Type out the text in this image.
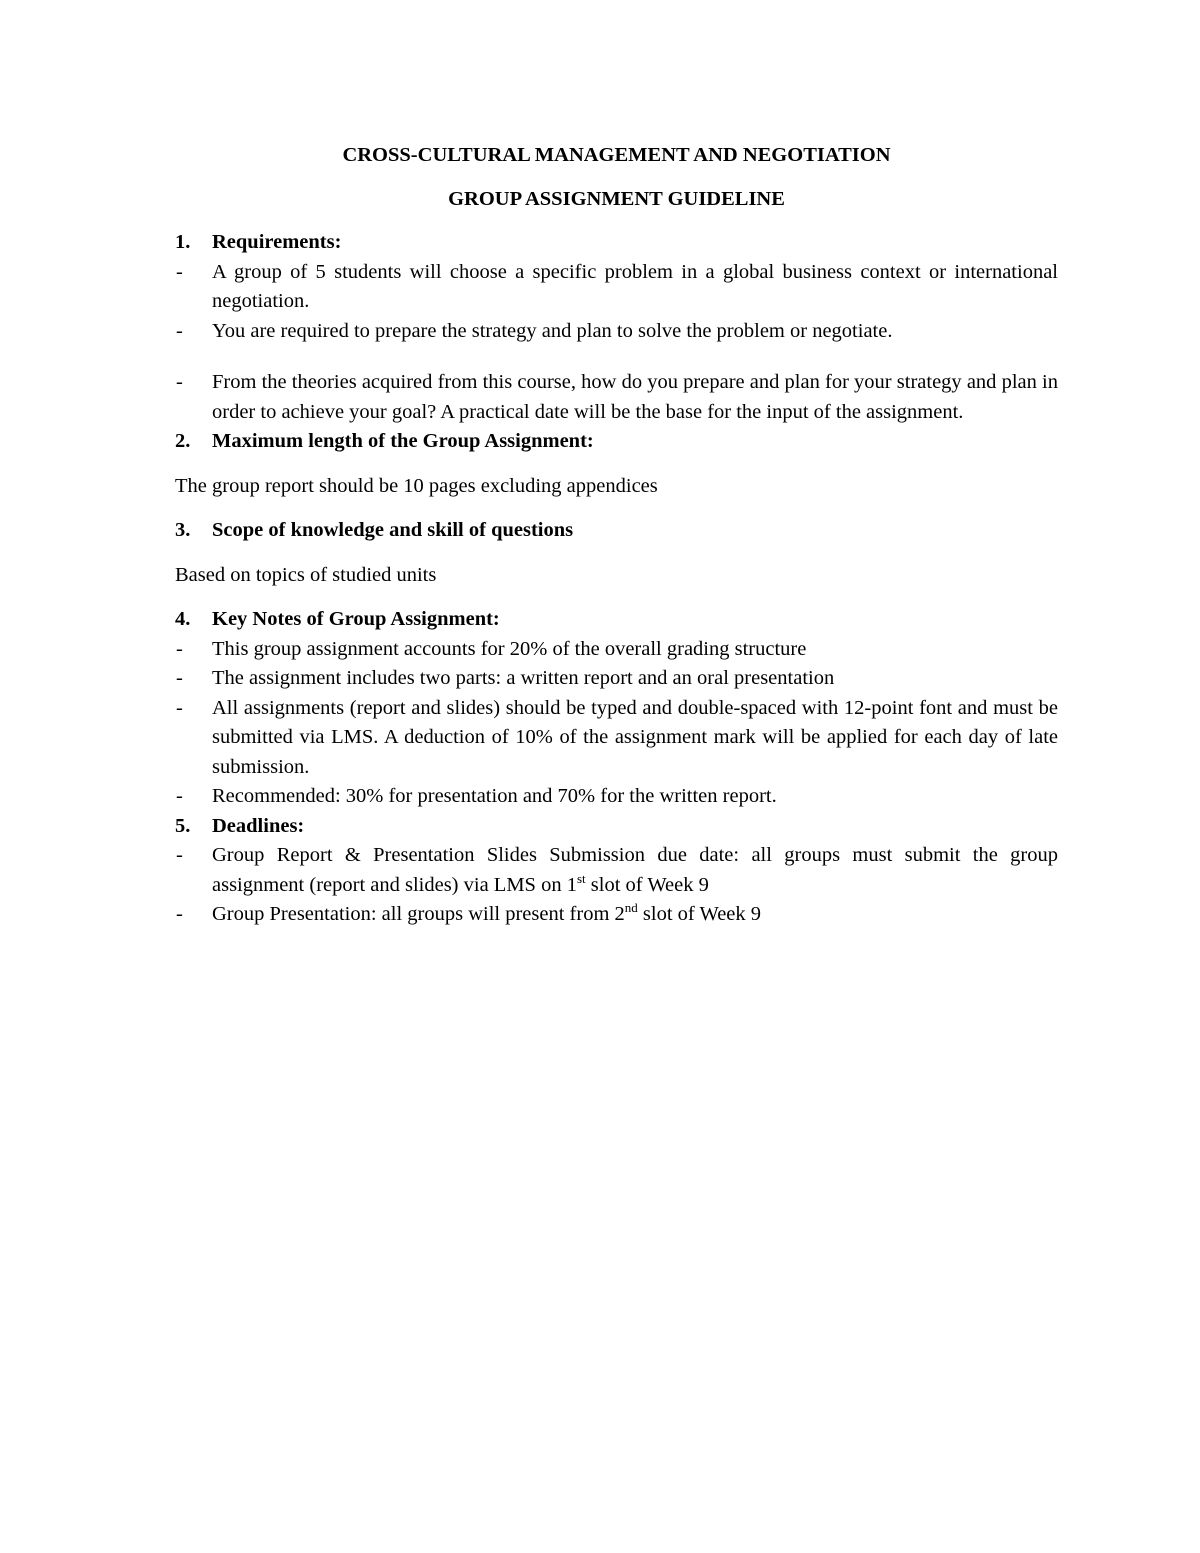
CROSS-CULTURAL MANAGEMENT AND NEGOTIATION

GROUP ASSIGNMENT GUIDELINE

1. Requirements:

- A group of 5 students will choose a specific problem in a global business context or international negotiation.

- You are required to prepare the strategy and plan to solve the problem or negotiate.

- From the theories acquired from this course, how do you prepare and plan for your strategy and plan in order to achieve your goal? A practical date will be the base for the input of the assignment.

2. Maximum length of the Group Assignment:

The group report should be 10 pages excluding appendices

3. Scope of knowledge and skill of questions

Based on topics of studied units

4. Key Notes of Group Assignment:

- This group assignment accounts for 20% of the overall grading structure

- The assignment includes two parts: a written report and an oral presentation

- All assignments (report and slides) should be typed and double-spaced with 12-point font and must be submitted via LMS. A deduction of 10% of the assignment mark will be applied for each day of late submission.

- Recommended: 30% for presentation and 70% for the written report.

5. Deadlines:

- Group Report & Presentation Slides Submission due date: all groups must submit the group assignment (report and slides) via LMS on 1st slot of Week 9

- Group Presentation: all groups will present from 2nd slot of Week 9
